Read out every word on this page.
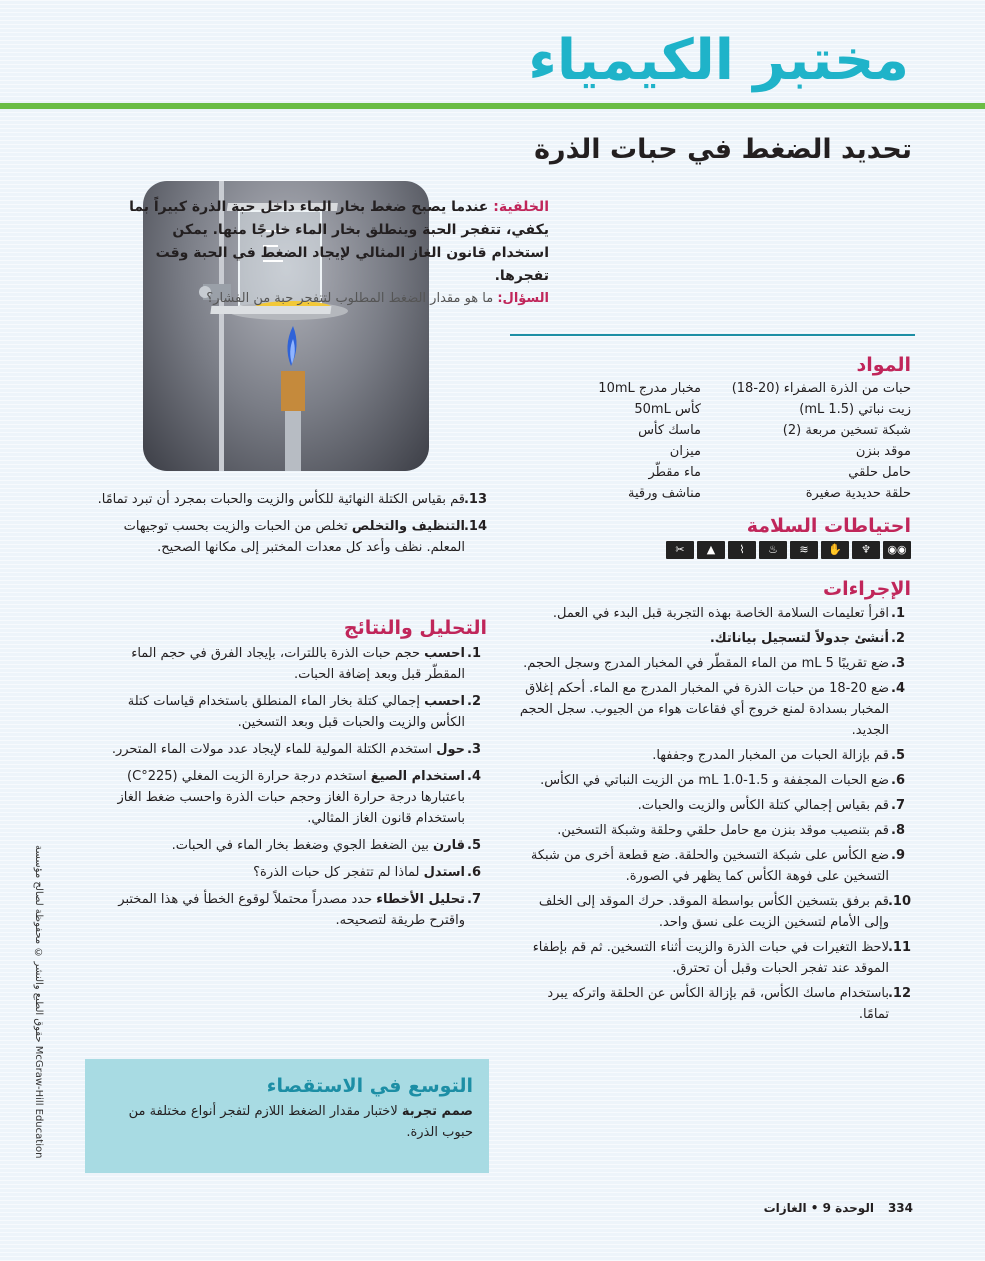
مختبر الكيمياء
تحديد الضغط في حبات الذرة
الخلفية: عندما يصبح ضغط بخار الماء داخل حبة الذرة كبيراً بما يكفي، تتفجر الحبة وينطلق بخار الماء خارجًا منها. يمكن استخدام قانون الغاز المثالي لإيجاد الضغط في الحبة وقت تفجرها.
السؤال: ما هو مقدار الضغط المطلوب لتتفجر حبة من الفشار؟
المواد
حبات من الذرة الصفراء (20-18)
مخبار مدرج 10mL
زيت نباتي (1.5 mL)
كأس 50mL
شبكة تسخين مربعة (2)
ماسك كأس
موقد بنزن
ميزان
حامل حلقي
ماء مقطّر
حلقة حديدية صغيرة
مناشف ورقية
احتياطات السلامة
◉◉
♆
✋
≋
♨
⌇
▲
✂
الإجراءات
1.
اقرأ تعليمات السلامة الخاصة بهذه التجربة قبل البدء في العمل.
2.
أنشئ جدولاً لتسجيل بياناتك.
3.
ضع تقريبًا 5 mL من الماء المقطّر في المخبار المدرج وسجل الحجم.
4.
ضع 20-18 من حبات الذرة في المخبار المدرج مع الماء. أحكم إغلاق المخبار بسدادة لمنع خروج أي فقاعات هواء من الجيوب. سجل الحجم الجديد.
5.
قم بإزالة الحبات من المخبار المدرج وجففها.
6.
ضع الحبات المجففة و 1.5-1.0 mL من الزيت النباتي في الكأس.
7.
قم بقياس إجمالي كتلة الكأس والزيت والحبات.
8.
قم بتنصيب موقد بنزن مع حامل حلقي وحلقة وشبكة التسخين.
9.
ضع الكأس على شبكة التسخين والحلقة. ضع قطعة أخرى من شبكة التسخين على فوهة الكأس كما يظهر في الصورة.
10.
قم برفق بتسخين الكأس بواسطة الموقد. حرك الموقد إلى الخلف وإلى الأمام لتسخين الزيت على نسق واحد.
11.
لاحظ التغيرات في حبات الذرة والزيت أثناء التسخين. ثم قم بإطفاء الموقد عند تفجر الحبات وقبل أن تحترق.
12.
باستخدام ماسك الكأس، قم بإزالة الكأس عن الحلقة واتركه يبرد تمامًا.
13.
قم بقياس الكتلة النهائية للكأس والزيت والحبات بمجرد أن تبرد تمامًا.
14.
التنظيف والتخلص تخلص من الحبات والزيت بحسب توجيهات المعلم. نظف وأعد كل معدات المختبر إلى مكانها الصحيح.
التحليل والنتائج
1.
احسب حجم حبات الذرة باللترات، بإيجاد الفرق في حجم الماء المقطّر قبل وبعد إضافة الحبات.
2.
احسب إجمالي كتلة بخار الماء المنطلق باستخدام قياسات كتلة الكأس والزيت والحبات قبل وبعد التسخين.
3.
حول استخدم الكتلة المولية للماء لإيجاد عدد مولات الماء المتحرر.
4.
استخدام الصيغ استخدم درجة حرارة الزيت المغلي (225°C) باعتبارها درجة حرارة الغاز وحجم حبات الذرة واحسب ضغط الغاز باستخدام قانون الغاز المثالي.
5.
قارن بين الضغط الجوي وضغط بخار الماء في الحبات.
6.
استدل لماذا لم تتفجر كل حبات الذرة؟
7.
تحليل الأخطاء حدد مصدراً محتملاً لوقوع الخطأ في هذا المختبر واقترح طريقة لتصحيحه.
التوسع في الاستقصاء
صمم تجربة لاختبار مقدار الضغط اللازم لتفجر أنواع مختلفة من حبوب الذرة.
حقوق الطبع والنشر © محفوظة لصالح مؤسسة McGraw-Hill Education
334
الوحدة 9 • الغازات
